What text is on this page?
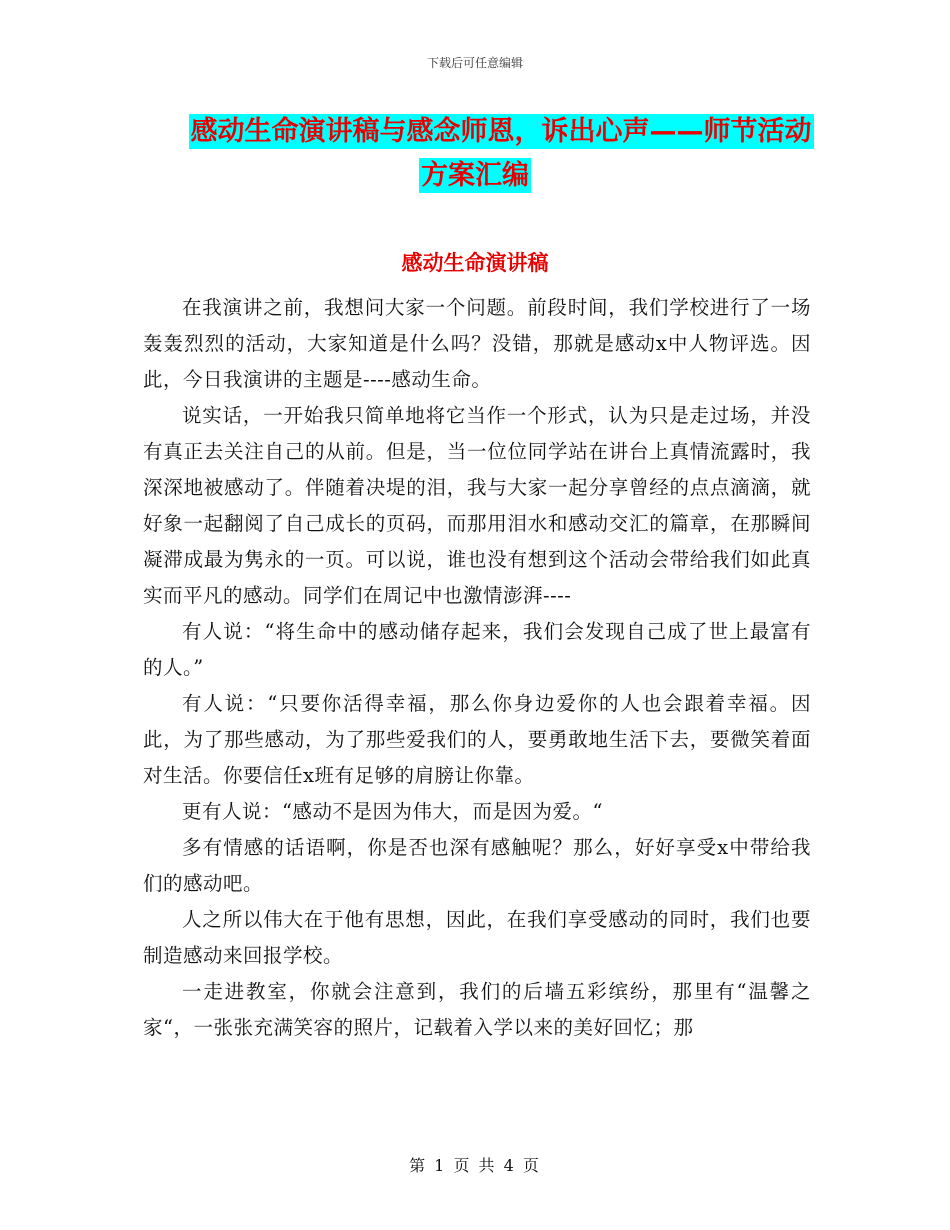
下载后可任意编辑
感动生命演讲稿与感念师恩，诉出心声——师节活动
方案汇编
感动生命演讲稿

在我演讲之前，我想问大家一个问题。前段时间，我们学校进行了一场轰轰烈烈的活动，大家知道是什么吗？没错，那就是感动x中人物评选。因此，今日我演讲的主题是----感动生命。

说实话，一开始我只简单地将它当作一个形式，认为只是走过场，并没有真正去关注自己的从前。但是，当一位位同学站在讲台上真情流露时，我深深地被感动了。伴随着决堤的泪，我与大家一起分享曾经的点点滴滴，就好象一起翻阅了自己成长的页码，而那用泪水和感动交汇的篇章，在那瞬间凝滞成最为隽永的一页。可以说，谁也没有想到这个活动会带给我们如此真实而平凡的感动。同学们在周记中也激情澎湃----

有人说：“将生命中的感动储存起来，我们会发现自己成了世上最富有的人。”

有人说：“只要你活得幸福，那么你身边爱你的人也会跟着幸福。因此，为了那些感动，为了那些爱我们的人，要勇敢地生活下去，要微笑着面对生活。你要信任x班有足够的肩膀让你靠。

更有人说：“感动不是因为伟大，而是因为爱。“

多有情感的话语啊，你是否也深有感触呢？那么，好好享受x中带给我们的感动吧。

人之所以伟大在于他有思想，因此，在我们享受感动的同时，我们也要制造感动来回报学校。

一走进教室，你就会注意到，我们的后墙五彩缤纷，那里有“温馨之家“，一张张充满笑容的照片，记载着入学以来的美好回忆；那

第 1 页 共 4 页
